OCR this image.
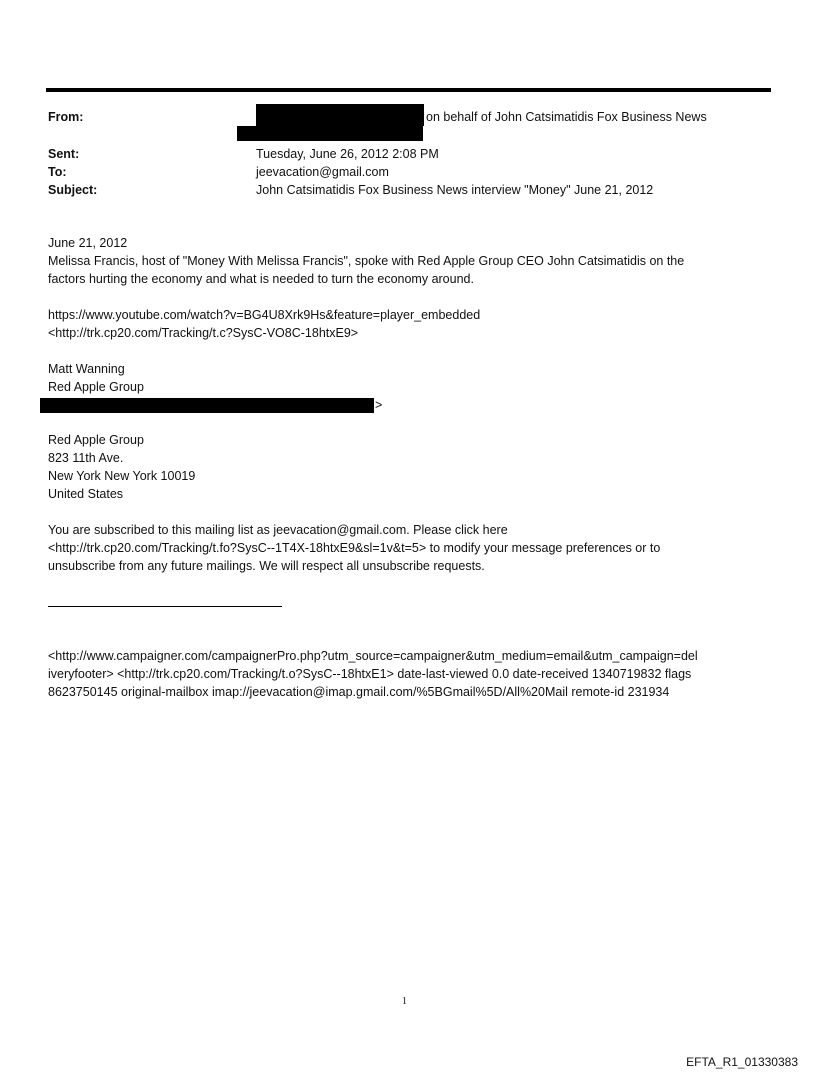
From:	on behalf of John Catsimatidis Fox Business News
Sent:	Tuesday, June 26, 2012 2:08 PM
To:	jeevacation@gmail.com
Subject:	John Catsimatidis Fox Business News interview "Money" June 21, 2012
June 21, 2012
Melissa Francis, host of "Money With Melissa Francis", spoke with Red Apple Group CEO John Catsimatidis on the
factors hurting the economy and what is needed to turn the economy around.
https://www.youtube.com/watch?v=BG4U8Xrk9Hs&feature=player_embedded
<http://trk.cp20.com/Tracking/t.c?SysC-VO8C-18htxE9>
Matt Wanning
Red Apple Group
>
Red Apple Group
823 11th Ave.
New York New York 10019
United States
You are subscribed to this mailing list as jeevacation@gmail.com. Please click here
<http://trk.cp20.com/Tracking/t.fo?SysC--1T4X-18htxE9&sl=1v&t=5> to modify your message preferences or to
unsubscribe from any future mailings. We will respect all unsubscribe requests.
<http://www.campaigner.com/campaignerPro.php?utm_source=campaigner&utm_medium=email&utm_campaign=del
iveryfooter> <http://trk.cp20.com/Tracking/t.o?SysC--18htxE1> date-last-viewed 0.0 date-received 1340719832 flags
8623750145 original-mailbox imap://jeevacation@imap.gmail.com/%5BGmail%5D/All%20Mail remote-id 231934
1
EFTA_R1_01330383
